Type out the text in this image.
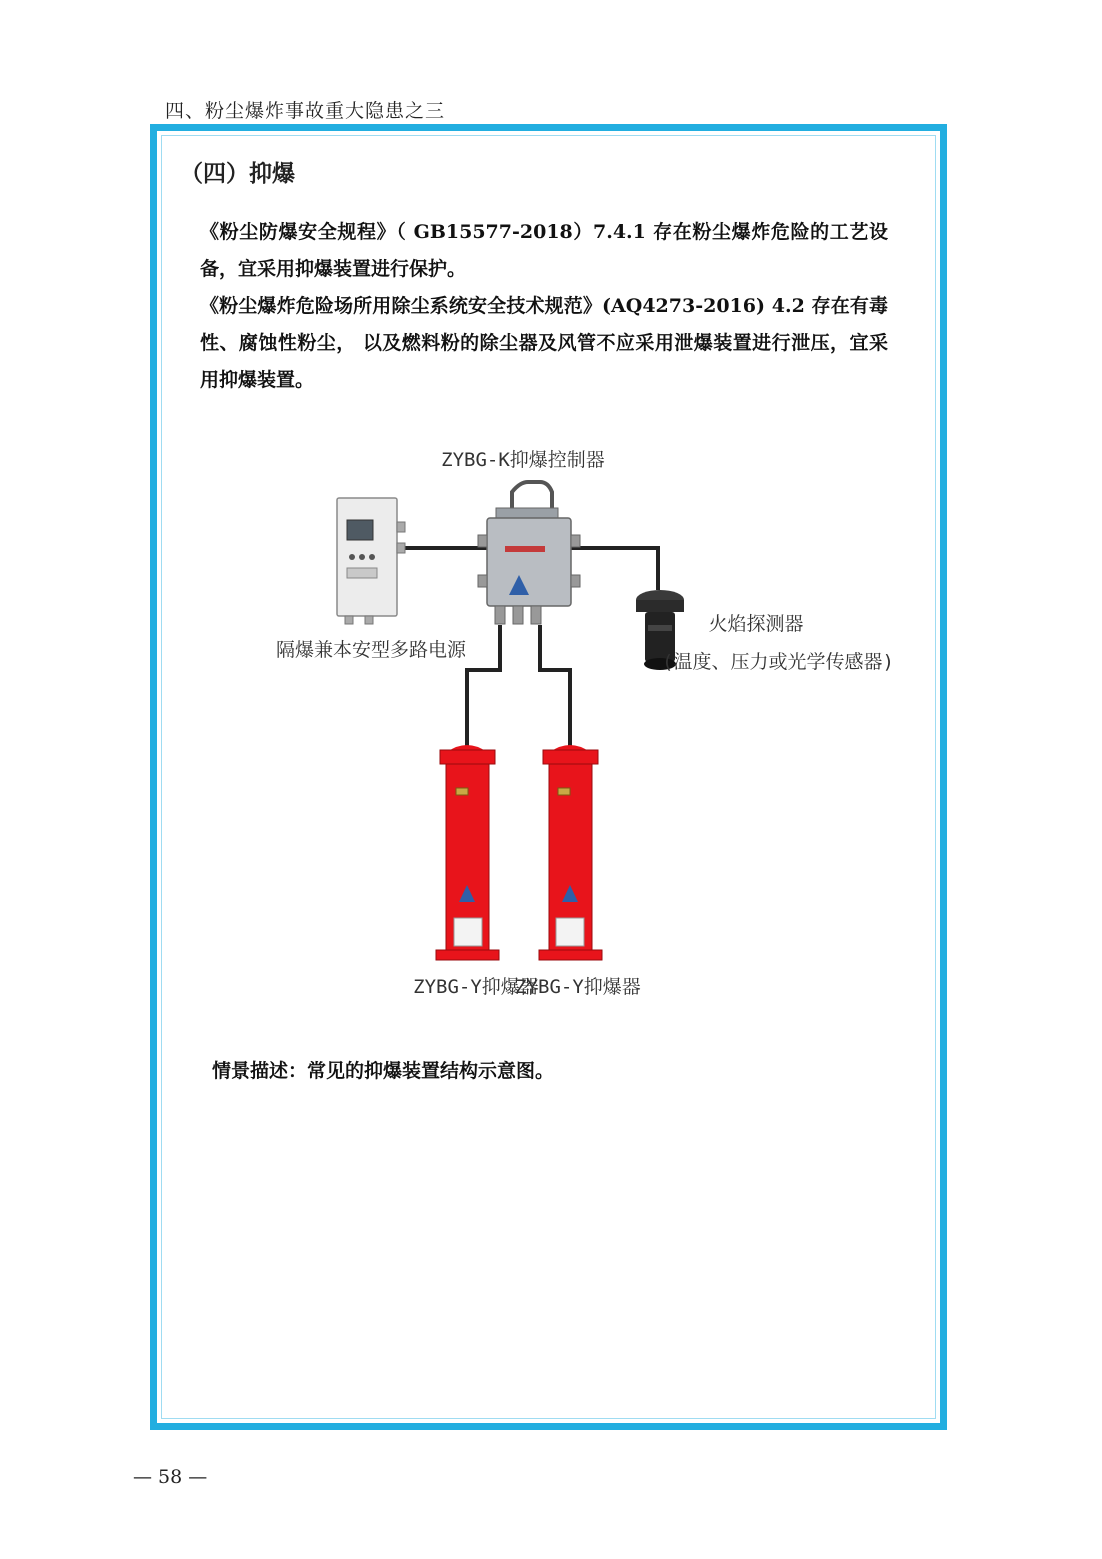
四、粉尘爆炸事故重大隐患之三
（四）抑爆

《粉尘防爆安全规程》（ GB15577-2018）7.4.1 存在粉尘爆炸危险的工艺设备，宜采用抑爆装置进行保护。

《粉尘爆炸危险场所用除尘系统安全技术规范》(AQ4273-2016) 4.2 存在有毒性、腐蚀性粉尘， 以及燃料粉的除尘器及风管不应采用泄爆装置进行泄压，宜采用抑爆装置。

ZYBG-K抑爆控制器
隔爆兼本安型多路电源
火焰探测器
(温度、压力或光学传感器)
ZYBG-Y抑爆器
ZYBG-Y抑爆器
情景描述：常见的抑爆装置结构示意图。
— 58 —
